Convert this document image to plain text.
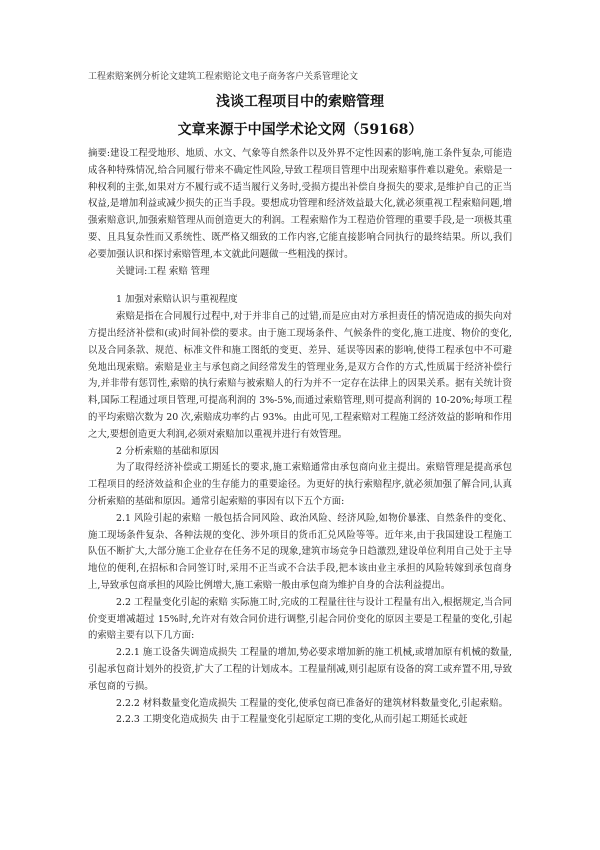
工程索赔案例分析论文建筑工程索赔论文电子商务客户关系管理论文
浅谈工程项目中的索赔管理
文章来源于中国学术论文网（59168）

摘要:建设工程受地形、地质、水文、气象等自然条件以及外界不定性因素的影响,施工条件复杂,可能造成各种特殊情况,给合同履行带来不确定性风险,导致工程项目管理中出现索赔事件难以避免。索赔是一种权利的主张,如果对方不履行或不适当履行义务时,受损方提出补偿自身损失的要求,是维护自己的正当权益,是增加利益或减少损失的正当手段。要想成功管理和经济效益最大化,就必须重视工程索赔问题,增强索赔意识,加强索赔管理从而创造更大的利润。工程索赔作为工程造价管理的重要手段,是一项极其重要、且具复杂性而又系统性、既严格又细致的工作内容,它能直接影响合同执行的最终结果。所以,我们必要加强认识和探讨索赔管理,本文就此问题做一些粗浅的探讨。

关键词:工程 索赔 管理

1 加强对索赔认识与重视程度

索赔是指在合同履行过程中,对于并非自己的过错,而是应由对方承担责任的情况造成的损失向对方提出经济补偿和(或)时间补偿的要求。由于施工现场条件、气候条件的变化,施工进度、物价的变化,以及合同条款、规范、标准文件和施工图纸的变更、差异、延误等因素的影响,使得工程承包中不可避免地出现索赔。索赔是业主与承包商之间经常发生的管理业务,是双方合作的方式,性质属于经济补偿行为,并非带有惩罚性,索赔的执行索赔与被索赔人的行为并不一定存在法律上的因果关系。据有关统计资料,国际工程通过项目管理,可提高利润的 3%-5%,而通过索赔管理,则可提高利润的 10-20%;每项工程的平均索赔次数为 20 次,索赔成功率约占 93%。由此可见,工程索赔对工程施工经济效益的影响和作用之大,要想创造更大利润,必须对索赔加以重视并进行有效管理。

2 分析索赔的基础和原因

为了取得经济补偿或工期延长的要求,施工索赔通常由承包商向业主提出。索赔管理是提高承包工程项目的经济效益和企业的生存能力的重要途径。为更好的执行索赔程序,就必须加强了解合同,认真分析索赔的基础和原因。通常引起索赔的事因有以下五个方面:

2.1 风险引起的索赔 一般包括合同风险、政治风险、经济风险,如物价暴涨、自然条件的变化、施工现场条件复杂、各种法规的变化、涉外项目的货币汇兑风险等等。近年来,由于我国建设工程施工队伍不断扩大,大部分施工企业存在任务不足的现象,建筑市场竞争日趋激烈,建设单位利用自己处于主导地位的便利,在招标和合同签订时,采用不正当或不合法手段,把本该由业主承担的风险转嫁到承包商身上,导致承包商承担的风险比例增大,施工索赔一般由承包商为维护自身的合法利益提出。

2.2 工程量变化引起的索赔 实际施工时,完成的工程量往往与设计工程量有出入,根据规定,当合同价变更增减超过 15%时,允许对有效合同价进行调整,引起合同价变化的原因主要是工程量的变化,引起的索赔主要有以下几方面:

2.2.1 施工设备失调造成损失 工程量的增加,势必要求增加新的施工机械,或增加原有机械的数量,引起承包商计划外的投资,扩大了工程的计划成本。工程量削减,则引起原有设备的窝工或弃置不用,导致承包商的亏损。

2.2.2 材料数量变化造成损失 工程量的变化,使承包商已准备好的建筑材料数量变化,引起索赔。

2.2.3 工期变化造成损失 由于工程量变化引起原定工期的变化,从而引起工期延长或赶
